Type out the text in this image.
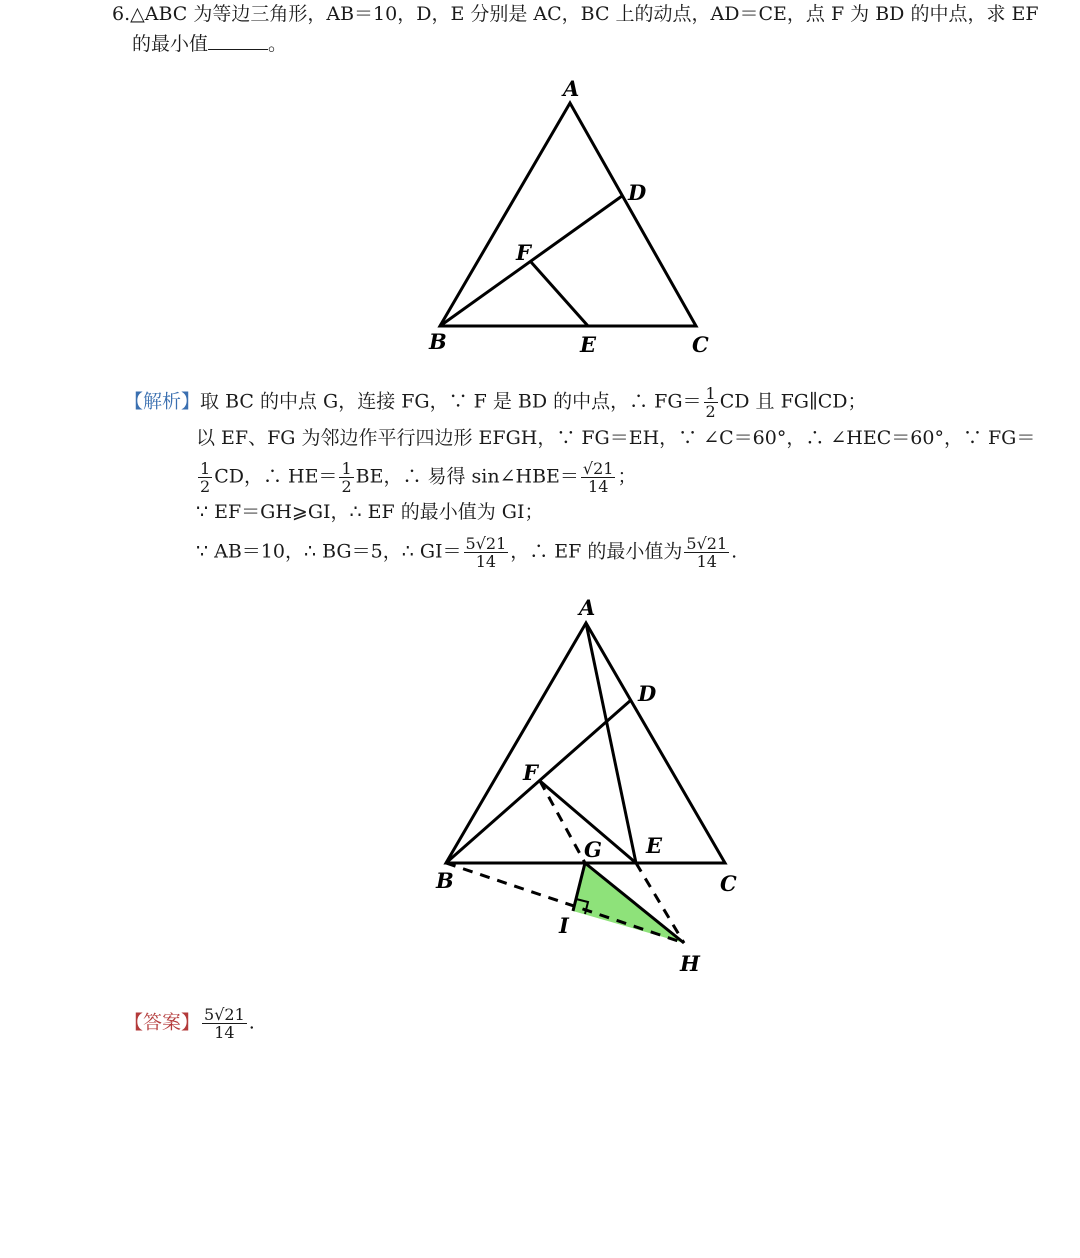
6.△ABC 为等边三角形，AB＝10，D，E 分别是 AC，BC 上的动点，AD＝CE，点 F 为 BD 的中点，求 EF
的最小值	。
A
D
F
B	E	C
【解析】取 BC 的中点 G，连接 FG，∵ F 是 BD 的中点，∴ $FG= \frac{1}{2}$ CD 且 FG∥CD；
以 EF、FG 为邻边作平行四边形 EFGH，∵ FG＝EH，∵ ∠C＝60°，∴ ∠HEC＝60°，∵ FG＝
$\frac{1}{2}$ CD，∴ $HE= \frac{1}{2}$ BE，∴ 易得 sin∠HBE＝ $\frac{√21}{14}$ ；
∵ EF＝GH⩾GI，∴ EF 的最小值为 GI；
∵ AB＝10，∴ BG＝5，∴ $GI= \frac{5√21}{14}$ ，∴ EF 的最小值为 $\frac{5√21}{14}$ .
A
D
F
G E
B	C
I
H
【答案】 $\frac{5√21}{14}$ .
